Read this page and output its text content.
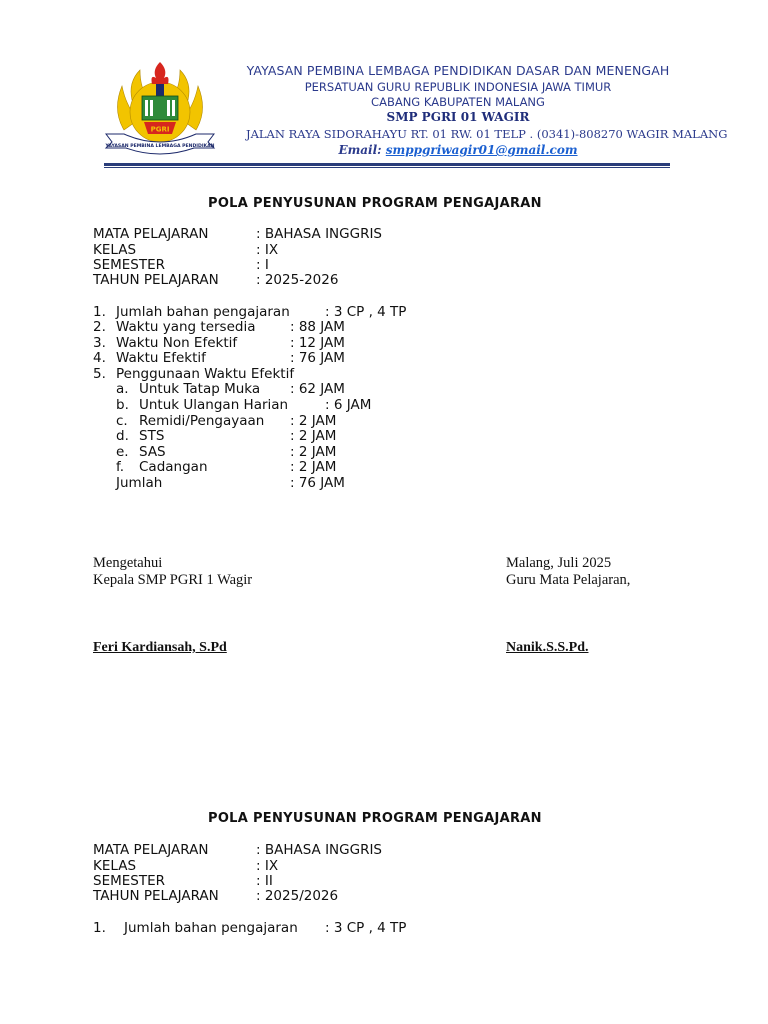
PGRI
YAYASAN PEMBINA LEMBAGA PENDIDIKAN
YAYASAN PEMBINA LEMBAGA PENDIDIKAN DASAR DAN MENENGAH
PERSATUAN GURU REPUBLIK INDONESIA JAWA TIMUR
CABANG KABUPATEN MALANG
SMP PGRI 01 WAGIR
JALAN RAYA SIDORAHAYU RT. 01 RW. 01 TELP . (0341)-808270 WAGIR MALANG
Email: smppgriwagir01@gmail.com
POLA PENYUSUNAN PROGRAM PENGAJARAN
MATA PELAJARAN	: BAHASA INGGRIS
KELAS	: IX
SEMESTER	: I
TAHUN PELAJARAN	: 2025-2026
1. Jumlah bahan pengajaran	: 3 CP , 4 TP
2. Waktu yang tersedia	: 88 JAM
3. Waktu Non Efektif	: 12 JAM
4. Waktu Efektif	: 76 JAM
5. Penggunaan Waktu Efektif
a. Untuk Tatap Muka : 62 JAM
b. Untuk Ulangan Harian	: 6 JAM
c. Remidi/Pengayaan : 2 JAM
d. STS	: 2 JAM
e. SAS	: 2 JAM
f. Cadangan	: 2 JAM
Jumlah	: 76 JAM
Mengetahui
Kepala SMP PGRI 1 Wagir
Feri Kardiansah, S.Pd
Malang, Juli 2025
Guru Mata Pelajaran,
Nanik.S.S.Pd.
POLA PENYUSUNAN PROGRAM PENGAJARAN
MATA PELAJARAN	: BAHASA INGGRIS
KELAS	: IX
SEMESTER	: II
TAHUN PELAJARAN	: 2025/2026
1. Jumlah bahan pengajaran : 3 CP , 4 TP
